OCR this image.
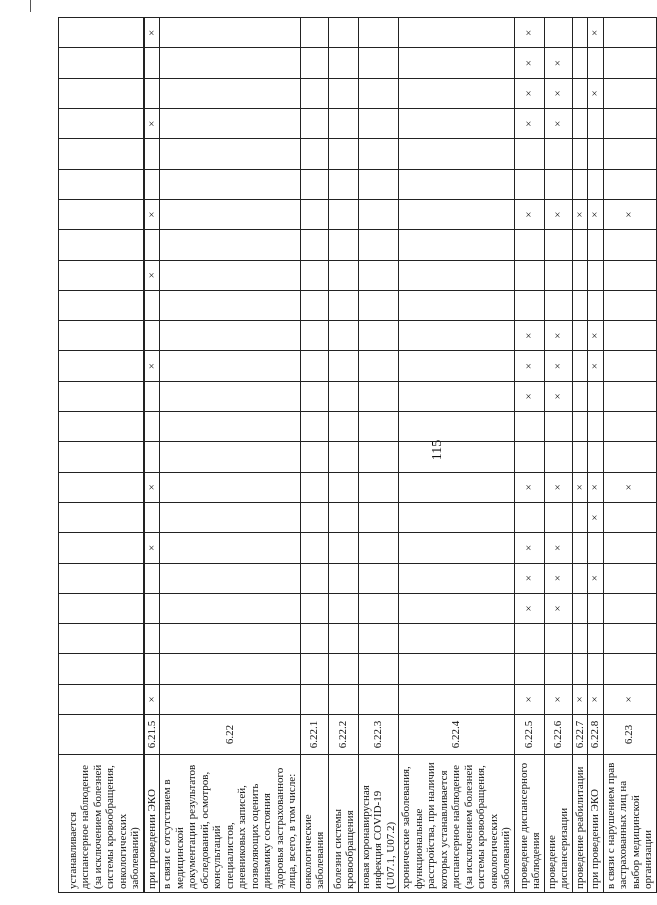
115
устанавливается диспансерное наблюдение (за исключением болезней системы кровообращения, онкологических заболеваний)																								
при проведении ЭКО	6.21.5	×					×		×				×			×		×			×			×
в связи с отсутствием в медицинской документации результатов обследований, осмотров, консультаций специалистов, дневниковых записей, позволяющих оценить динамику состояния здоровья застрахованного лица, всего, в том числе:	6.22																							
онкологические заболевания	6.22.1																							
болезни системы кровообращения	6.22.2																							
новая коронавирусная инфекция COVID-19 (U07.1, U07.2)	6.22.3																							
хронические заболевания, функциональные расстройства, при наличии которых устанавливается диспансерное наблюдение (за исключением болезней системы кровообращения, онкологических заболеваний)	6.22.4																							
проведение диспансерного наблюдения	6.22.5	×			×	×	×		×			×	×	×				×			×	×	×	×
проведение диспансеризации	6.22.6	×			×	×	×		×			×	×	×				×			×	×	×	
проведение реабилитации	6.22.7	×							×									×						
при проведении ЭКО	6.22.8	×				×		×	×				×	×				×				×		×
в связи с нарушением прав застрахованных лиц на выбор медицинской организации	6.23	×							×									×						
